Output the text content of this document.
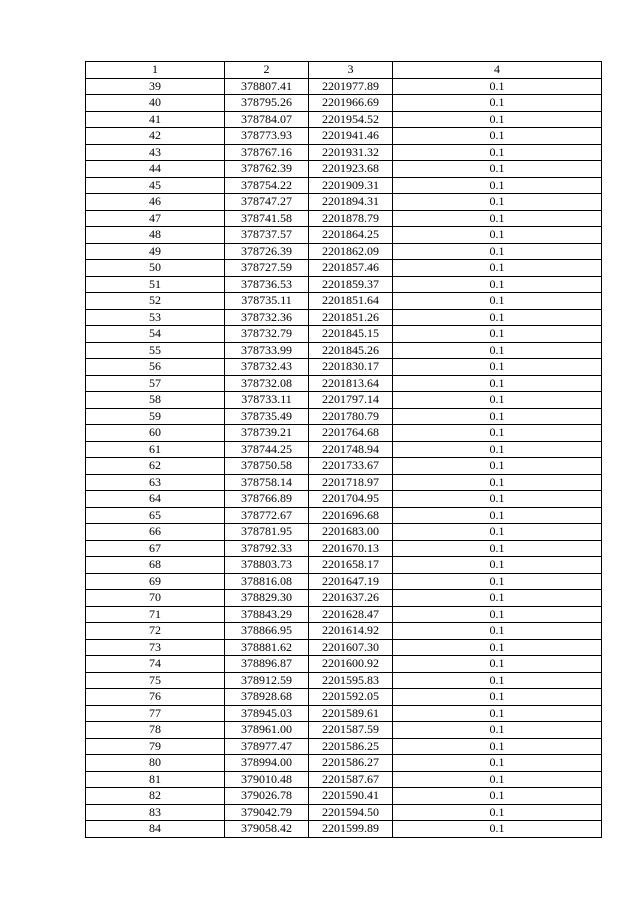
1	2	3	4
39	378807.41	2201977.89	0.1
40	378795.26	2201966.69	0.1
41	378784.07	2201954.52	0.1
42	378773.93	2201941.46	0.1
43	378767.16	2201931.32	0.1
44	378762.39	2201923.68	0.1
45	378754.22	2201909.31	0.1
46	378747.27	2201894.31	0.1
47	378741.58	2201878.79	0.1
48	378737.57	2201864.25	0.1
49	378726.39	2201862.09	0.1
50	378727.59	2201857.46	0.1
51	378736.53	2201859.37	0.1
52	378735.11	2201851.64	0.1
53	378732.36	2201851.26	0.1
54	378732.79	2201845.15	0.1
55	378733.99	2201845.26	0.1
56	378732.43	2201830.17	0.1
57	378732.08	2201813.64	0.1
58	378733.11	2201797.14	0.1
59	378735.49	2201780.79	0.1
60	378739.21	2201764.68	0.1
61	378744.25	2201748.94	0.1
62	378750.58	2201733.67	0.1
63	378758.14	2201718.97	0.1
64	378766.89	2201704.95	0.1
65	378772.67	2201696.68	0.1
66	378781.95	2201683.00	0.1
67	378792.33	2201670.13	0.1
68	378803.73	2201658.17	0.1
69	378816.08	2201647.19	0.1
70	378829.30	2201637.26	0.1
71	378843.29	2201628.47	0.1
72	378866.95	2201614.92	0.1
73	378881.62	2201607.30	0.1
74	378896.87	2201600.92	0.1
75	378912.59	2201595.83	0.1
76	378928.68	2201592.05	0.1
77	378945.03	2201589.61	0.1
78	378961.00	2201587.59	0.1
79	378977.47	2201586.25	0.1
80	378994.00	2201586.27	0.1
81	379010.48	2201587.67	0.1
82	379026.78	2201590.41	0.1
83	379042.79	2201594.50	0.1
84	379058.42	2201599.89	0.1
